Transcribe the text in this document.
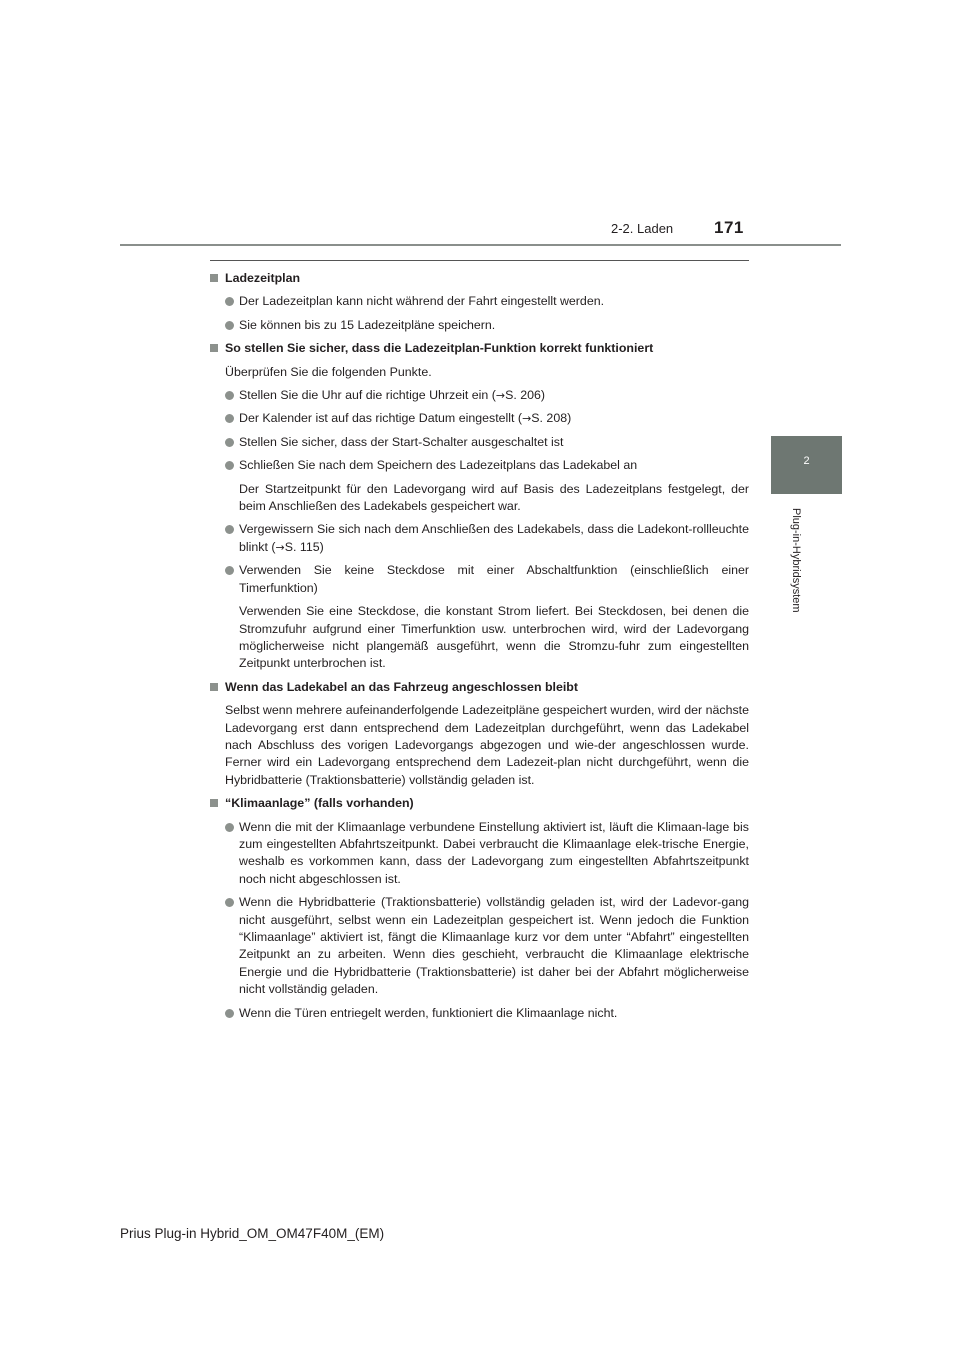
171
2-2. Laden
2
Plug-in-Hybridsystem
Ladezeitplan
Der Ladezeitplan kann nicht während der Fahrt eingestellt werden.
Sie können bis zu 15 Ladezeitpläne speichern.
So stellen Sie sicher, dass die Ladezeitplan-Funktion korrekt funktioniert
Überprüfen Sie die folgenden Punkte.
Stellen Sie die Uhr auf die richtige Uhrzeit ein (→S. 206)
Der Kalender ist auf das richtige Datum eingestellt (→S. 208)
Stellen Sie sicher, dass der Start-Schalter ausgeschaltet ist
Schließen Sie nach dem Speichern des Ladezeitplans das Ladekabel an
Der Startzeitpunkt für den Ladevorgang wird auf Basis des Ladezeitplans festgelegt, der beim Anschließen des Ladekabels gespeichert war.
Vergewissern Sie sich nach dem Anschließen des Ladekabels, dass die Ladekont-rollleuchte blinkt (→S. 115)
Verwenden Sie keine Steckdose mit einer Abschaltfunktion (einschließlich einer Timerfunktion)
Verwenden Sie eine Steckdose, die konstant Strom liefert. Bei Steckdosen, bei denen die Stromzufuhr aufgrund einer Timerfunktion usw. unterbrochen wird, wird der Ladevorgang möglicherweise nicht plangemäß ausgeführt, wenn die Stromzu-fuhr zum eingestellten Zeitpunkt unterbrochen ist.
Wenn das Ladekabel an das Fahrzeug angeschlossen bleibt
Selbst wenn mehrere aufeinanderfolgende Ladezeitpläne gespeichert wurden, wird der nächste Ladevorgang erst dann entsprechend dem Ladezeitplan durchgeführt, wenn das Ladekabel nach Abschluss des vorigen Ladevorgangs abgezogen und wie-der angeschlossen wurde. Ferner wird ein Ladevorgang entsprechend dem Ladezeit-plan nicht durchgeführt, wenn die Hybridbatterie (Traktionsbatterie) vollständig geladen ist.
“Klimaanlage” (falls vorhanden)
Wenn die mit der Klimaanlage verbundene Einstellung aktiviert ist, läuft die Klimaan-lage bis zum eingestellten Abfahrtszeitpunkt. Dabei verbraucht die Klimaanlage elek-trische Energie, weshalb es vorkommen kann, dass der Ladevorgang zum eingestellten Abfahrtszeitpunkt noch nicht abgeschlossen ist.
Wenn die Hybridbatterie (Traktionsbatterie) vollständig geladen ist, wird der Ladevor-gang nicht ausgeführt, selbst wenn ein Ladezeitplan gespeichert ist. Wenn jedoch die Funktion “Klimaanlage” aktiviert ist, fängt die Klimaanlage kurz vor dem unter “Abfahrt” eingestellten Zeitpunkt an zu arbeiten. Wenn dies geschieht, verbraucht die Klimaanlage elektrische Energie und die Hybridbatterie (Traktionsbatterie) ist daher bei der Abfahrt möglicherweise nicht vollständig geladen.
Wenn die Türen entriegelt werden, funktioniert die Klimaanlage nicht.
Prius Plug-in Hybrid_OM_OM47F40M_(EM)
